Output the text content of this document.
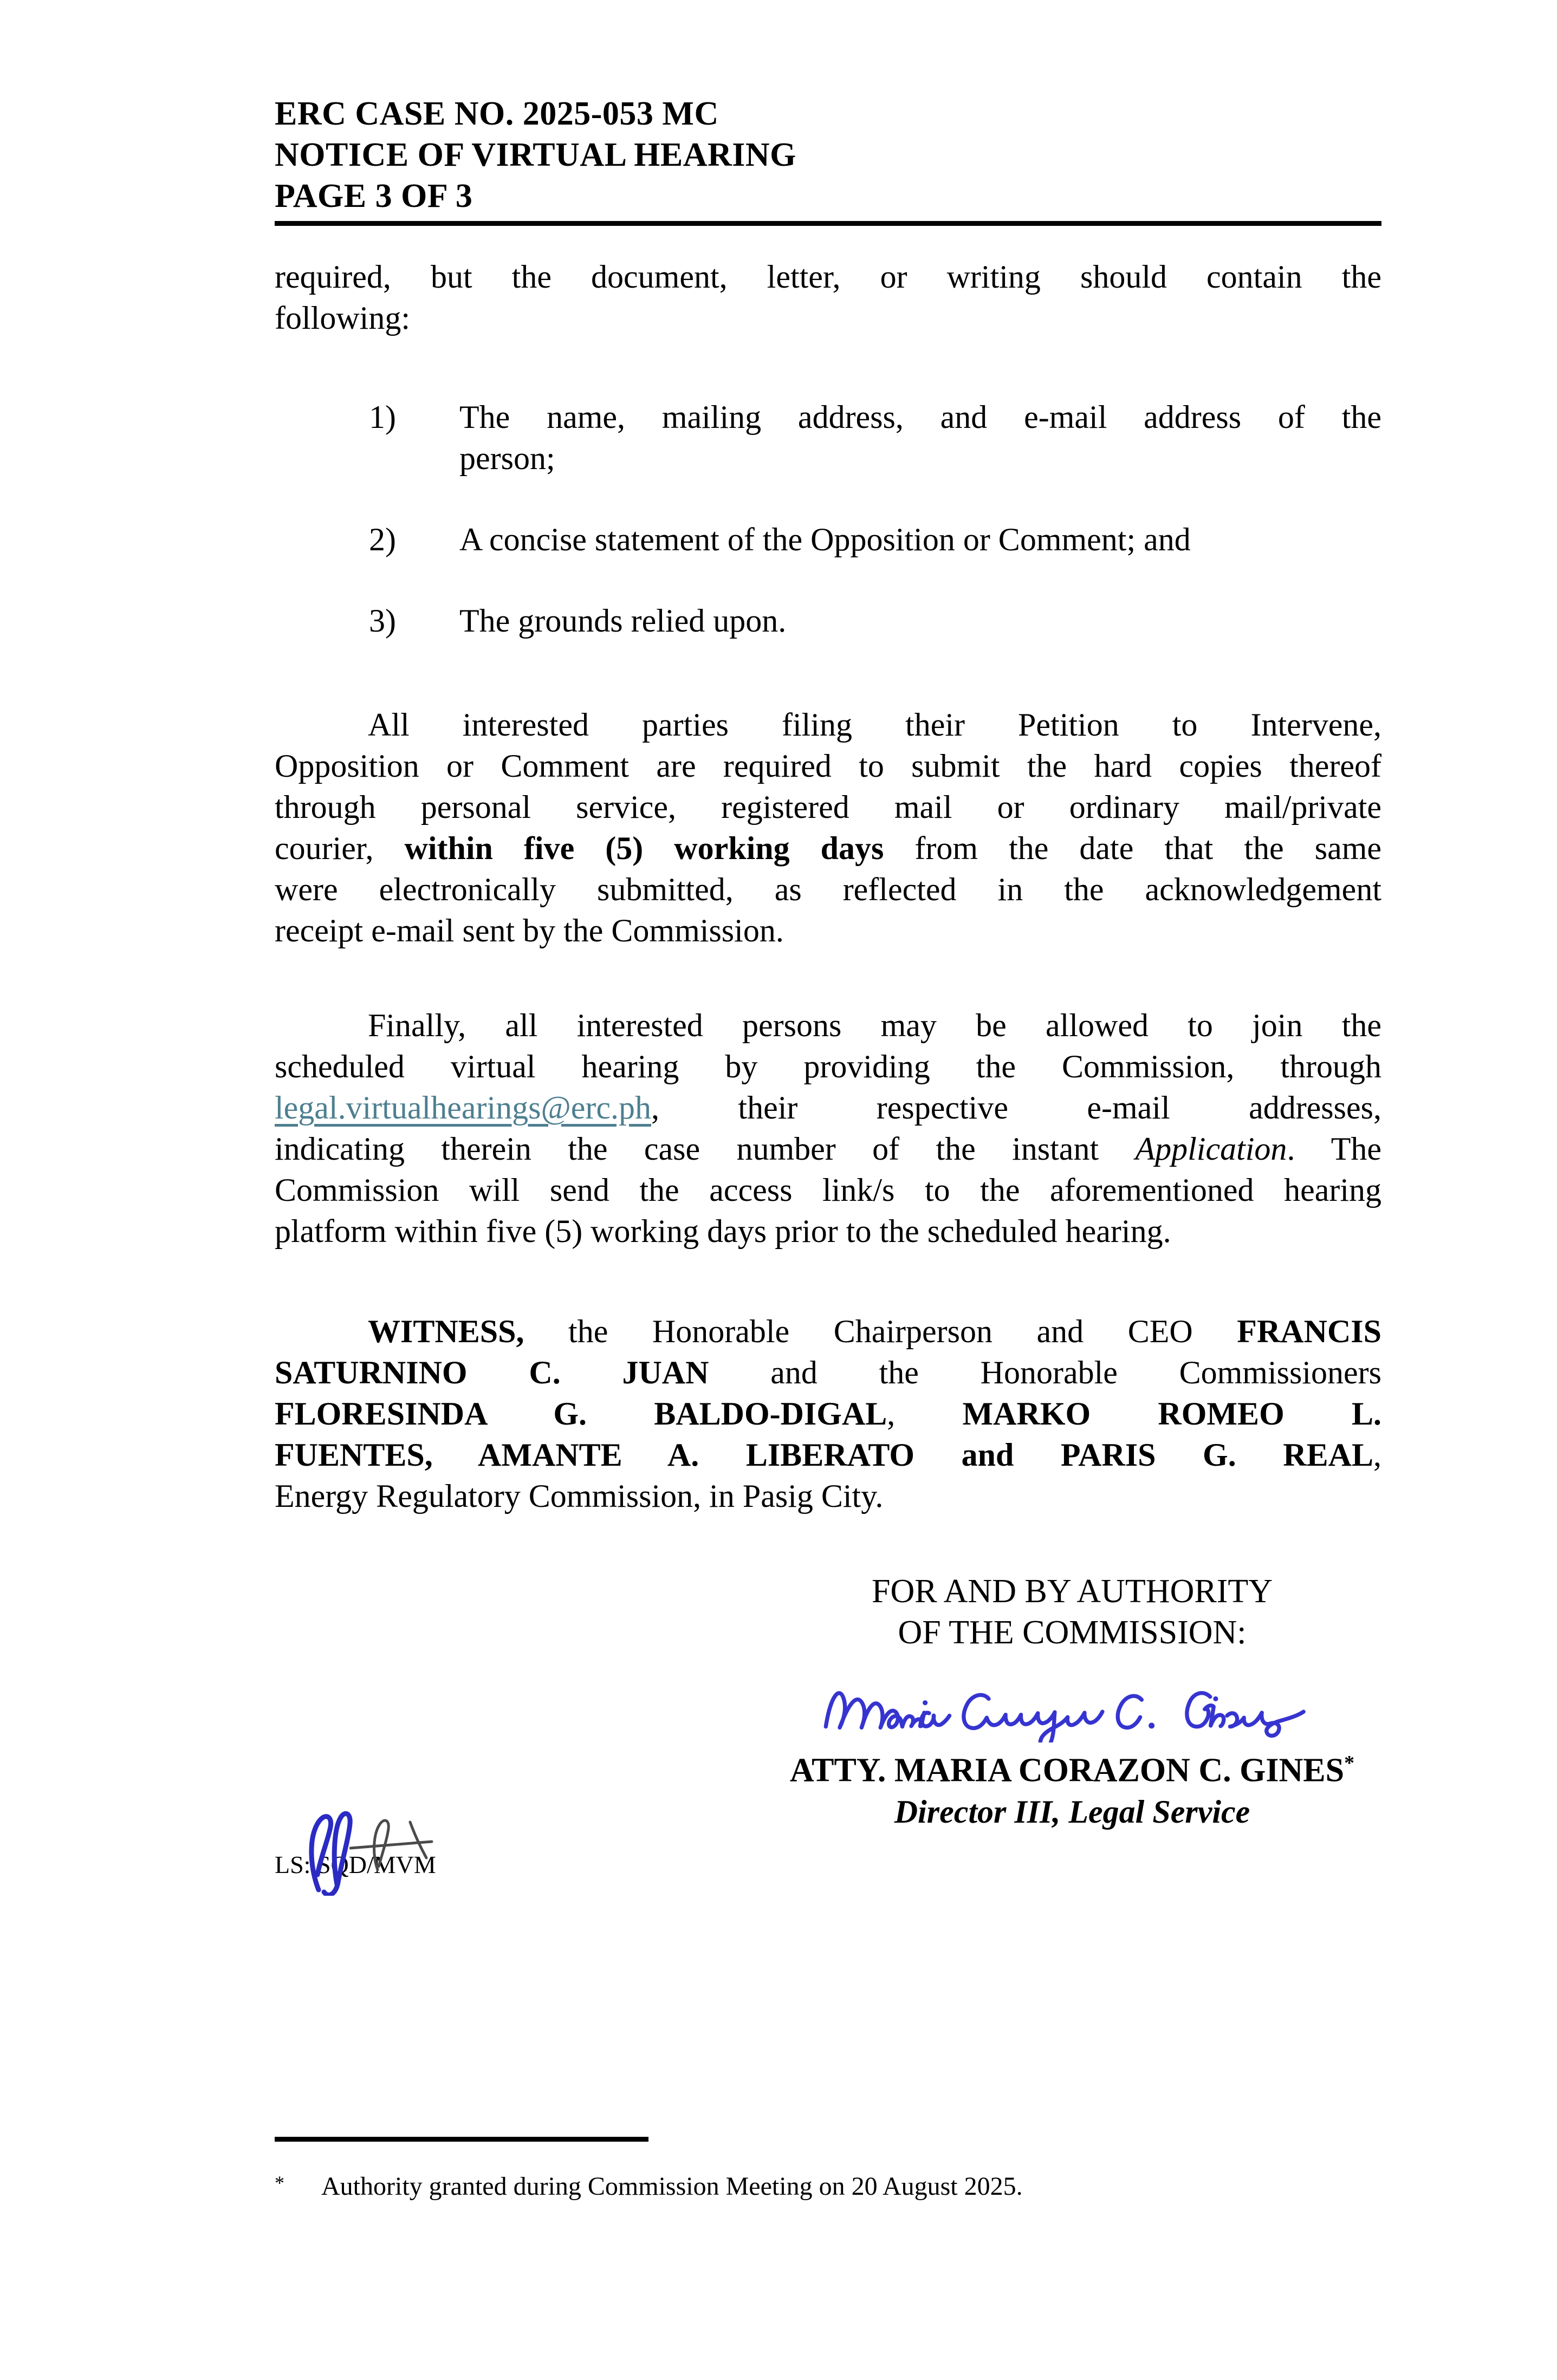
ERC CASE NO. 2025-053 MC
NOTICE OF VIRTUAL HEARING
PAGE 3 OF 3
required, but the document, letter, or writing should contain the
following:
1) The name, mailing address, and e-mail address of the
person;
2) A concise statement of the Opposition or Comment; and
3) The grounds relied upon.
All interested parties filing their Petition to Intervene,
Opposition or Comment are required to submit the hard copies thereof
through personal service, registered mail or ordinary mail/private
courier, within five (5) working days from the date that the same
were electronically submitted, as reflected in the acknowledgement
receipt e-mail sent by the Commission.
Finally, all interested persons may be allowed to join the
scheduled virtual hearing by providing the Commission, through
legal.virtualhearings@erc.ph, their respective e-mail addresses,
indicating therein the case number of the instant Application. The
Commission will send the access link/s to the aforementioned hearing
platform within five (5) working days prior to the scheduled hearing.
WITNESS, the Honorable Chairperson and CEO FRANCIS
SATURNINO C. JUAN and the Honorable Commissioners
FLORESINDA G. BALDO-DIGAL, MARKO ROMEO L.
FUENTES, AMANTE A. LIBERATO and PARIS G. REAL,
Energy Regulatory Commission, in Pasig City.
FOR AND BY AUTHORITY
OF THE COMMISSION:
ATTY. MARIA CORAZON C. GINES*
Director III, Legal Service
LS: SQD/MVM
* Authority granted during Commission Meeting on 20 August 2025.
